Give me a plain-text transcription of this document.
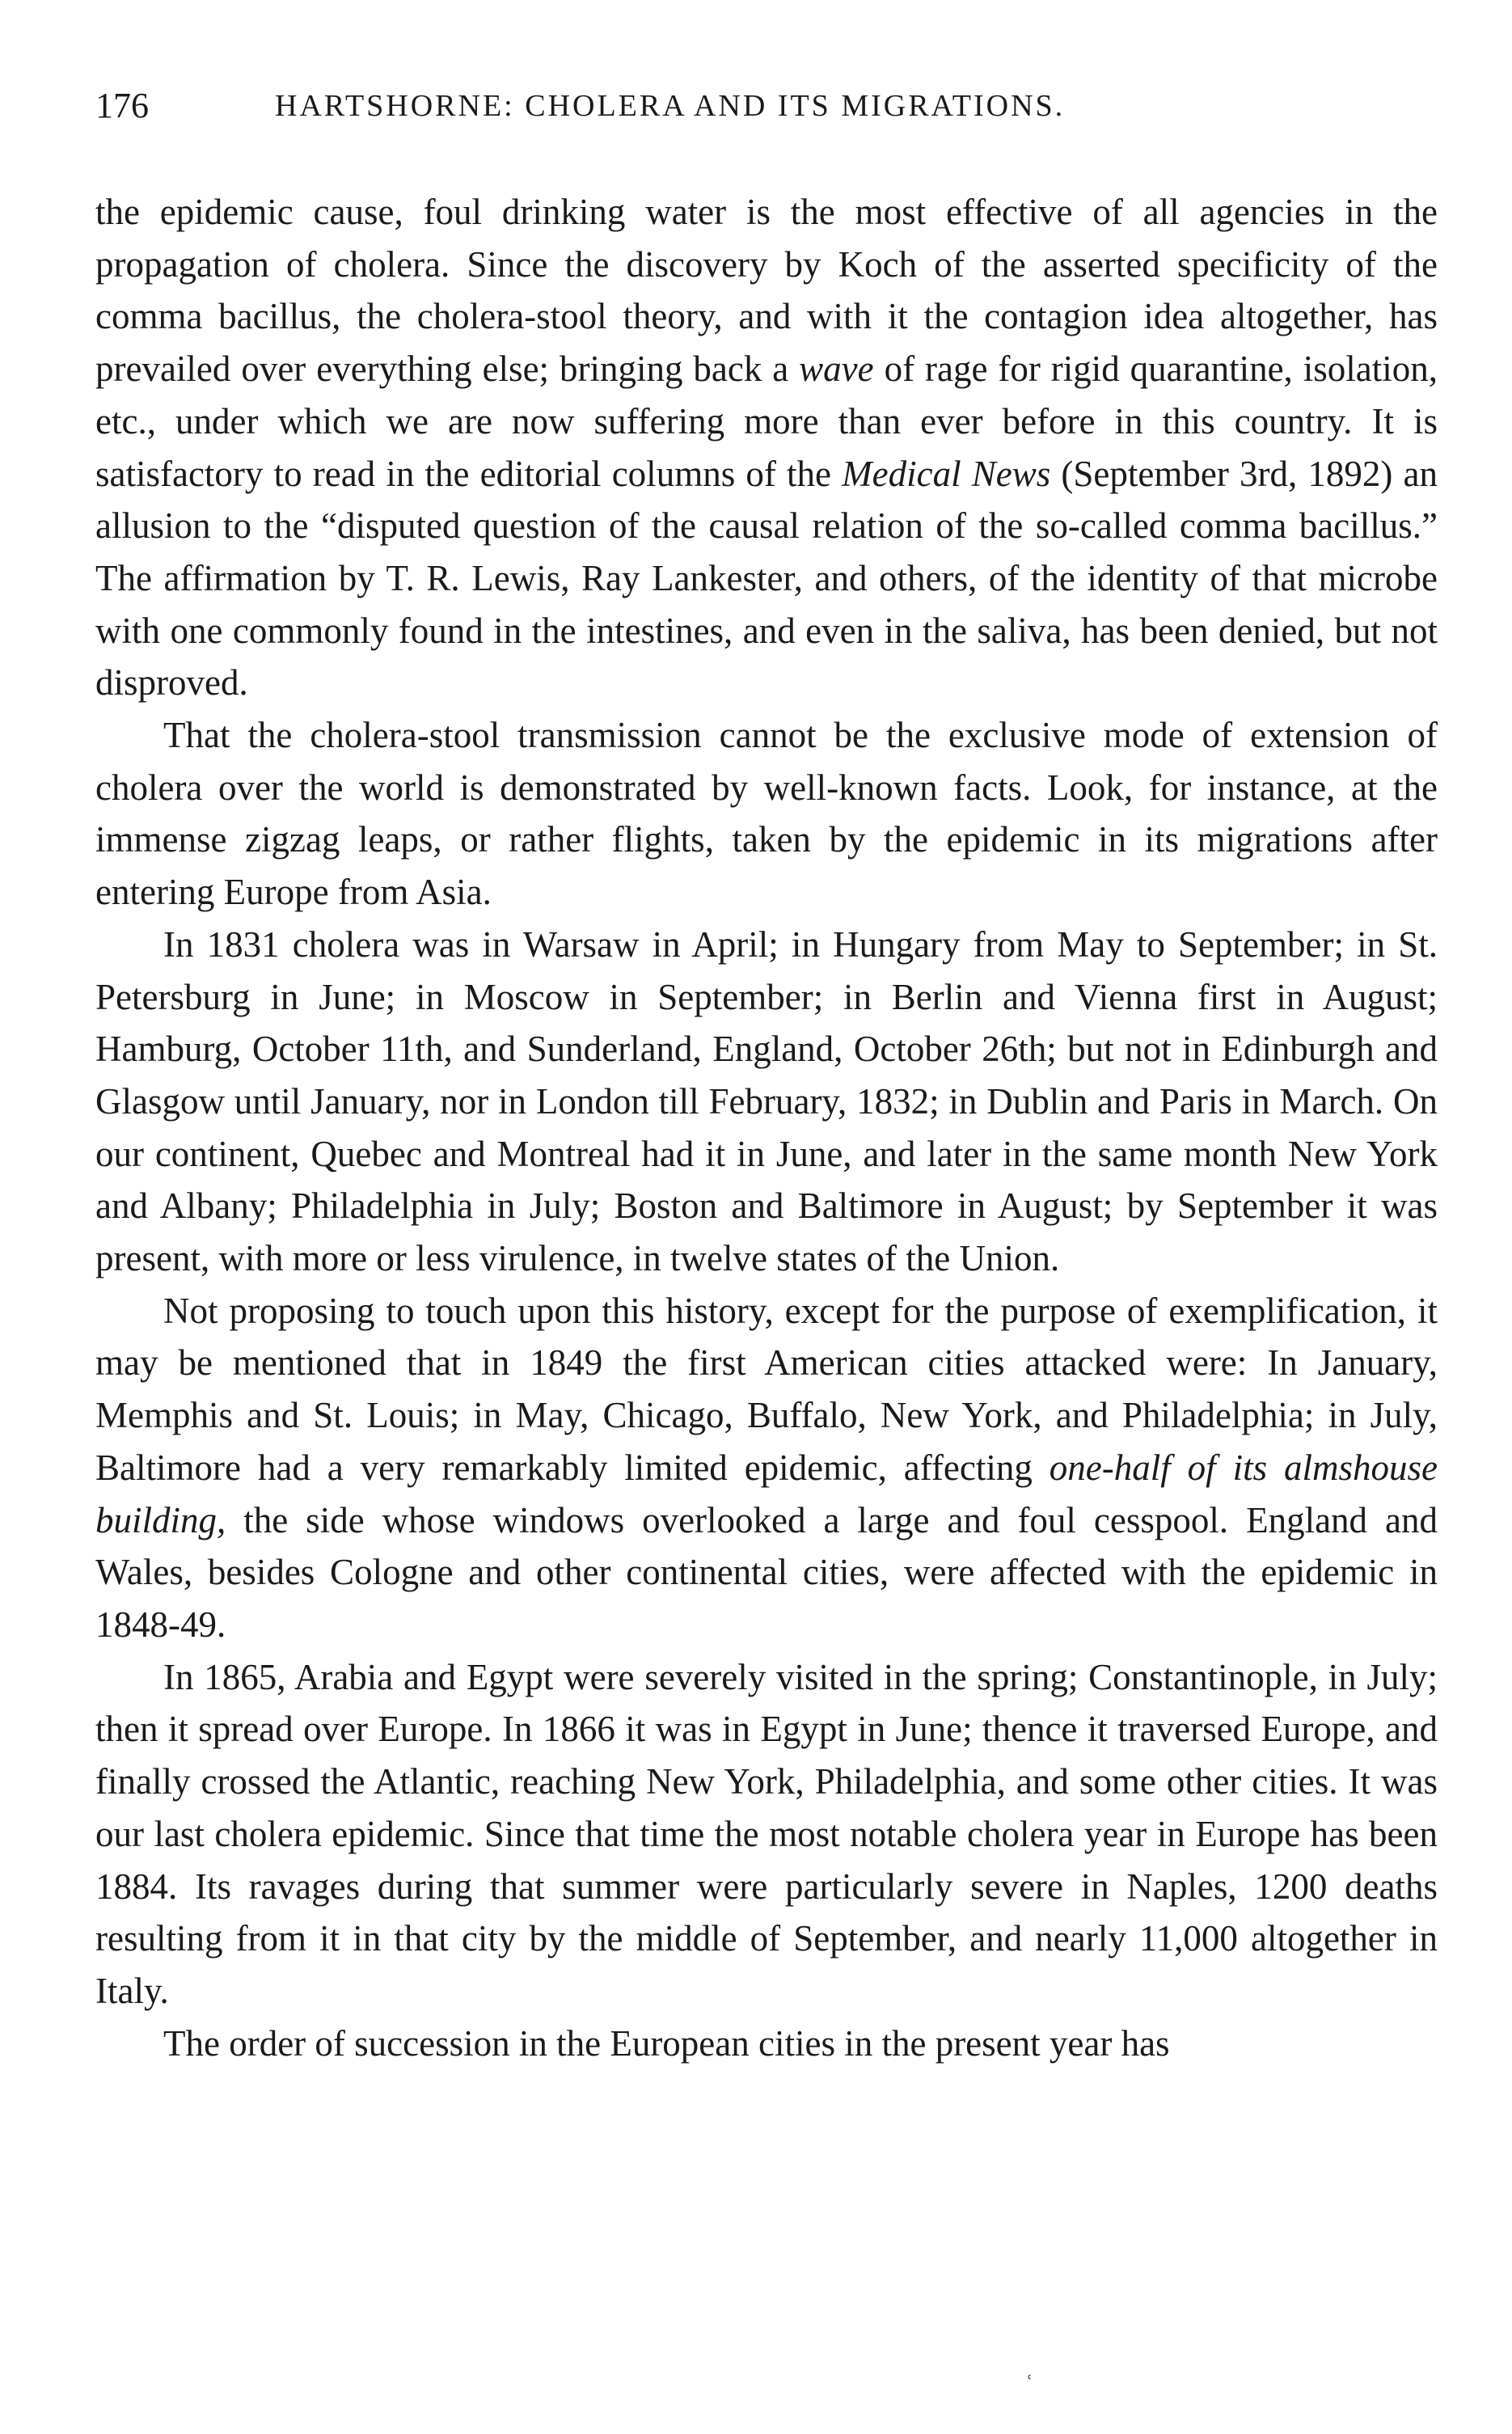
176	HARTSHORNE: CHOLERA AND ITS MIGRATIONS.

the epidemic cause, foul drinking water is the most effective of all agencies in the propagation of cholera. Since the discovery by Koch of the asserted specificity of the comma bacillus, the cholera-stool theory, and with it the contagion idea altogether, has prevailed over everything else; bringing back a wave of rage for rigid quarantine, isolation, etc., under which we are now suffering more than ever before in this country. It is satisfactory to read in the editorial columns of the Medical News (September 3rd, 1892) an allusion to the “disputed question of the causal relation of the so-called comma bacillus.” The affirmation by T. R. Lewis, Ray Lankester, and others, of the identity of that microbe with one commonly found in the intestines, and even in the saliva, has been denied, but not disproved.

That the cholera-stool transmission cannot be the exclusive mode of extension of cholera over the world is demonstrated by well-known facts. Look, for instance, at the immense zigzag leaps, or rather flights, taken by the epidemic in its migrations after entering Europe from Asia.

In 1831 cholera was in Warsaw in April; in Hungary from May to September; in St. Petersburg in June; in Moscow in September; in Berlin and Vienna first in August; Hamburg, October 11th, and Sunderland, England, October 26th; but not in Edinburgh and Glasgow until January, nor in London till February, 1832; in Dublin and Paris in March. On our continent, Quebec and Montreal had it in June, and later in the same month New York and Albany; Philadelphia in July; Boston and Baltimore in August; by September it was present, with more or less virulence, in twelve states of the Union.

Not proposing to touch upon this history, except for the purpose of exemplification, it may be mentioned that in 1849 the first American cities attacked were: In January, Memphis and St. Louis; in May, Chicago, Buffalo, New York, and Philadelphia; in July, Baltimore had a very remarkably limited epidemic, affecting one-half of its almshouse building, the side whose windows overlooked a large and foul cesspool. England and Wales, besides Cologne and other continental cities, were affected with the epidemic in 1848-49.

In 1865, Arabia and Egypt were severely visited in the spring; Constantinople, in July; then it spread over Europe. In 1866 it was in Egypt in June; thence it traversed Europe, and finally crossed the Atlantic, reaching New York, Philadelphia, and some other cities. It was our last cholera epidemic. Since that time the most notable cholera year in Europe has been 1884. Its ravages during that summer were particularly severe in Naples, 1200 deaths resulting from it in that city by the middle of September, and nearly 11,000 altogether in Italy.

The order of succession in the European cities in the present year has

ʿ
